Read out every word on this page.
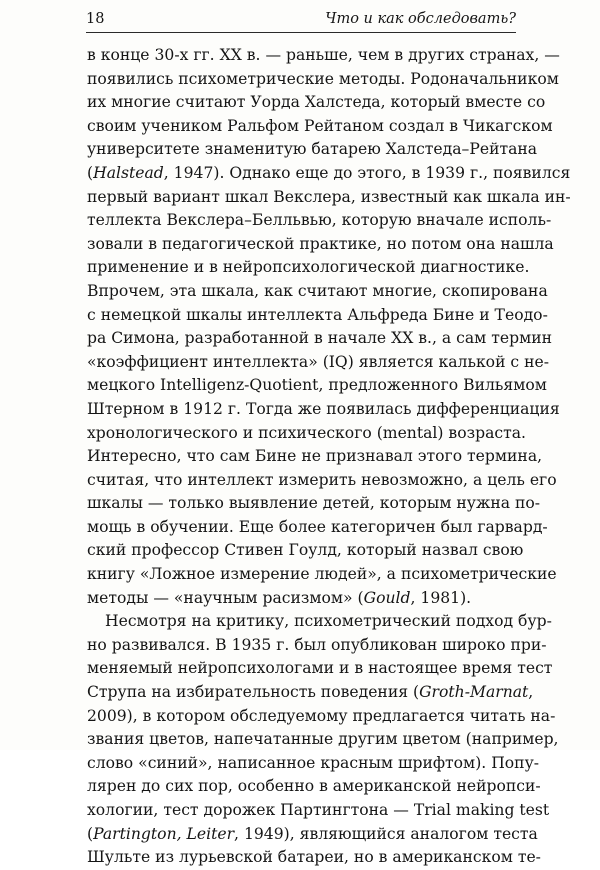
18	Что и как обследовать?
в конце 30-х гг. XX в. — раньше, чем в других странах, —
появились психометрические методы. Родоначальником
их многие считают Уорда Халстеда, который вместе со
своим учеником Ральфом Рейтаном создал в Чикагском
университете знаменитую батарею Халстеда–Рейтана
(Halstead, 1947). Однако еще до этого, в 1939 г., появился
первый вариант шкал Векслера, известный как шкала ин-
теллекта Векслера–Белльвью, которую вначале исполь-
зовали в педагогической практике, но потом она нашла
применение и в нейропсихологической диагностике.
Впрочем, эта шкала, как считают многие, скопирована
с немецкой шкалы интеллекта Альфреда Бине и Теодо-
ра Симона, разработанной в начале XX в., а сам термин
«коэффициент интеллекта» (IQ) является калькой с не-
мецкого Intelligenz-Quotient, предложенного Вильямом
Штерном в 1912 г. Тогда же появилась дифференциация
хронологического и психического (mental) возраста.
Интересно, что сам Бине не признавал этого термина,
считая, что интеллект измерить невозможно, а цель его
шкалы — только выявление детей, которым нужна по-
мощь в обучении. Еще более категоричен был гарвард-
ский профессор Стивен Гоулд, который назвал свою
книгу «Ложное измерение людей», а психометрические
методы — «научным расизмом» (Gould, 1981).
Несмотря на критику, психометрический подход бур-
но развивался. В 1935 г. был опубликован широко при-
меняемый нейропсихологами и в настоящее время тест
Струпа на избирательность поведения (Groth-Marnat,
2009), в котором обследуемому предлагается читать на-
звания цветов, напечатанные другим цветом (например,
слово «синий», написанное красным шрифтом). Попу-
лярен до сих пор, особенно в американской нейропси-
хологии, тест дорожек Партингтона — Trial making test
(Partington, Leiter, 1949), являющийся аналогом теста
Шульте из лурьевской батареи, но в американском те-
